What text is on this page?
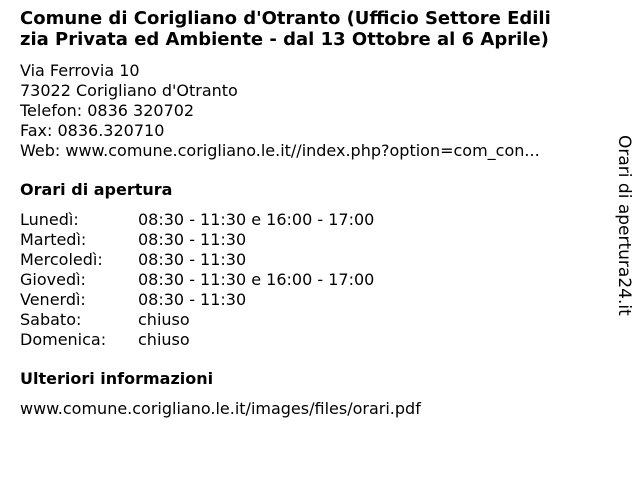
Comune di Corigliano d'Otranto (Ufficio Settore Edili
zia Privata ed Ambiente - dal 13 Ottobre al 6 Aprile)
Via Ferrovia 10
73022 Corigliano d'Otranto
Telefon: 0836 320702
Fax: 0836.320710
Web: www.comune.corigliano.le.it//index.php?option=com_con...
Orari di apertura
Lunedì:	08:30 - 11:30 e 16:00 - 17:00
Martedì:	08:30 - 11:30
Mercoledì:	08:30 - 11:30
Giovedì:	08:30 - 11:30 e 16:00 - 17:00
Venerdì:	08:30 - 11:30
Sabato:	chiuso
Domenica:	chiuso
Ulteriori informazioni
www.comune.corigliano.le.it/images/files/orari.pdf
Orari di apertura24.it
